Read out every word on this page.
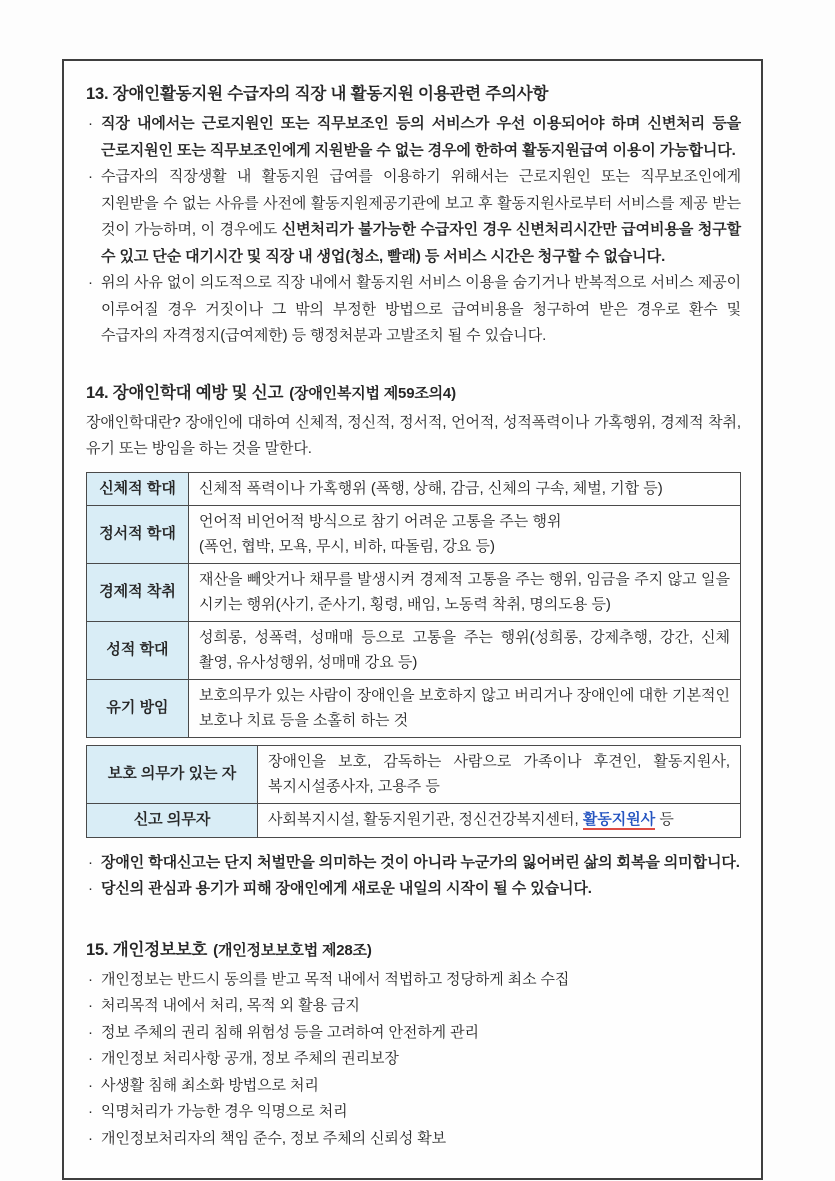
13. 장애인활동지원 수급자의 직장 내 활동지원 이용관련 주의사항

· 직장 내에서는 근로지원인 또는 직무보조인 등의 서비스가 우선 이용되어야 하며 신변처리 등을 근로지원인 또는 직무보조인에게 지원받을 수 없는 경우에 한하여 활동지원급여 이용이 가능합니다.

· 수급자의 직장생활 내 활동지원 급여를 이용하기 위해서는 근로지원인 또는 직무보조인에게 지원받을 수 없는 사유를 사전에 활동지원제공기관에 보고 후 활동지원사로부터 서비스를 제공 받는 것이 가능하며, 이 경우에도 신변처리가 불가능한 수급자인 경우 신변처리시간만 급여비용을 청구할 수 있고 단순 대기시간 및 직장 내 생업(청소, 빨래) 등 서비스 시간은 청구할 수 없습니다.

· 위의 사유 없이 의도적으로 직장 내에서 활동지원 서비스 이용을 숨기거나 반복적으로 서비스 제공이 이루어질 경우 거짓이나 그 밖의 부정한 방법으로 급여비용을 청구하여 받은 경우로 환수 및 수급자의 자격정지(급여제한) 등 행정처분과 고발조치 될 수 있습니다.

14. 장애인학대 예방 및 신고 (장애인복지법 제59조의4)

장애인학대란? 장애인에 대하여 신체적, 정신적, 정서적, 언어적, 성적폭력이나 가혹행위, 경제적 착취, 유기 또는 방임을 하는 것을 말한다.

신체적 학대	신체적 폭력이나 가혹행위 (폭행, 상해, 감금, 신체의 구속, 체벌, 기합 등)
정서적 학대	언어적 비언어적 방식으로 참기 어려운 고통을 주는 행위
(폭언, 협박, 모욕, 무시, 비하, 따돌림, 강요 등)

경제적 착취	재산을 빼앗거나 채무를 발생시켜 경제적 고통을 주는 행위, 임금을 주지 않고 일을 시키는 행위(사기, 준사기, 횡령, 배임, 노동력 착취, 명의도용 등)
성적 학대	성희롱, 성폭력, 성매매 등으로 고통을 주는 행위(성희롱, 강제추행, 강간, 신체 촬영, 유사성행위, 성매매 강요 등)
유기 방임	보호의무가 있는 사람이 장애인을 보호하지 않고 버리거나 장애인에 대한 기본적인 보호나 치료 등을 소홀히 하는 것
보호 의무가 있는 자	장애인을 보호, 감독하는 사람으로 가족이나 후견인, 활동지원사, 복지시설종사자, 고용주 등
신고 의무자	사회복지시설, 활동지원기관, 정신건강복지센터, 활동지원사 등

· 장애인 학대신고는 단지 처벌만을 의미하는 것이 아니라 누군가의 잃어버린 삶의 회복을 의미합니다.

· 당신의 관심과 용기가 피해 장애인에게 새로운 내일의 시작이 될 수 있습니다.

15. 개인정보보호 (개인정보보호법 제28조)

· 개인정보는 반드시 동의를 받고 목적 내에서 적법하고 정당하게 최소 수집

· 처리목적 내에서 처리, 목적 외 활용 금지

· 정보 주체의 권리 침해 위험성 등을 고려하여 안전하게 관리

· 개인정보 처리사항 공개, 정보 주체의 권리보장

· 사생활 침해 최소화 방법으로 처리

· 익명처리가 가능한 경우 익명으로 처리

· 개인정보처리자의 책임 준수, 정보 주체의 신뢰성 확보
